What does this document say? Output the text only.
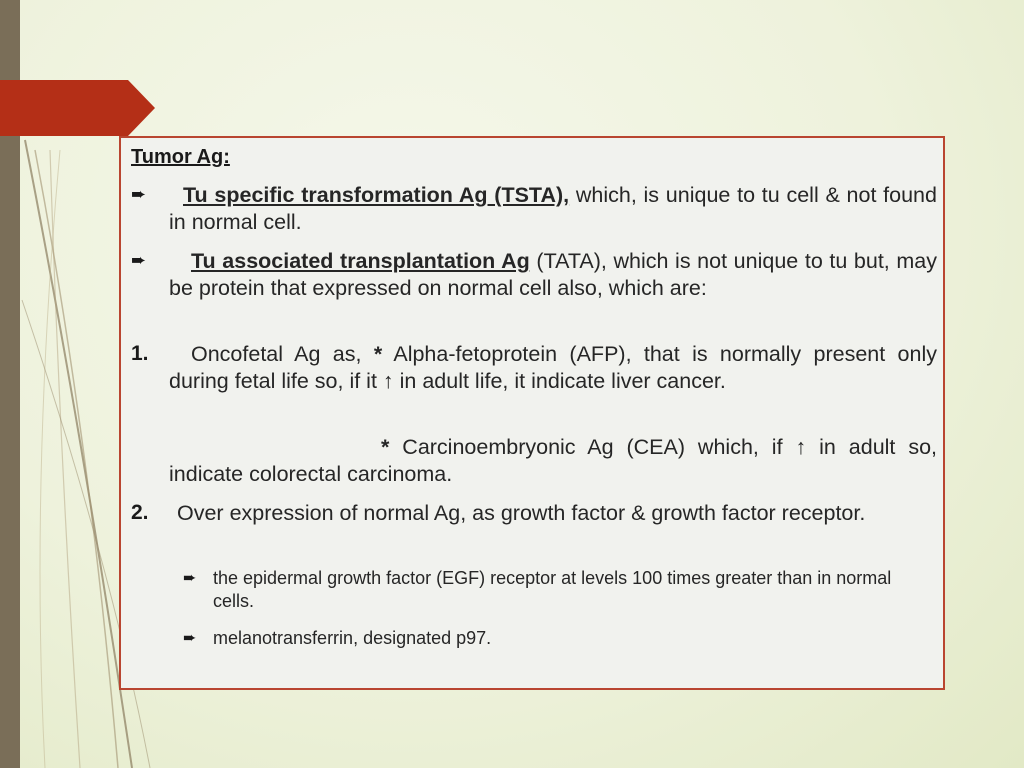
Tumor Ag:
➨	Tu specific transformation Ag (TSTA), which, is unique to tu cell & not found in normal cell.
➨	Tu associated transplantation Ag (TATA), which is not unique to tu but, may be protein that expressed on normal cell also, which are:
1.	Oncofetal Ag as, * Alpha-fetoprotein (AFP), that is normally present only during fetal life so, if it ↑ in adult life, it indicate liver cancer.
* Carcinoembryonic Ag (CEA) which, if ↑ in adult so, indicate colorectal carcinoma.
2.	Over expression of normal Ag, as growth factor & growth factor receptor.
➨ the epidermal growth factor (EGF) receptor at levels 100 times greater than in normal cells.
➨ melanotransferrin, designated p97.
